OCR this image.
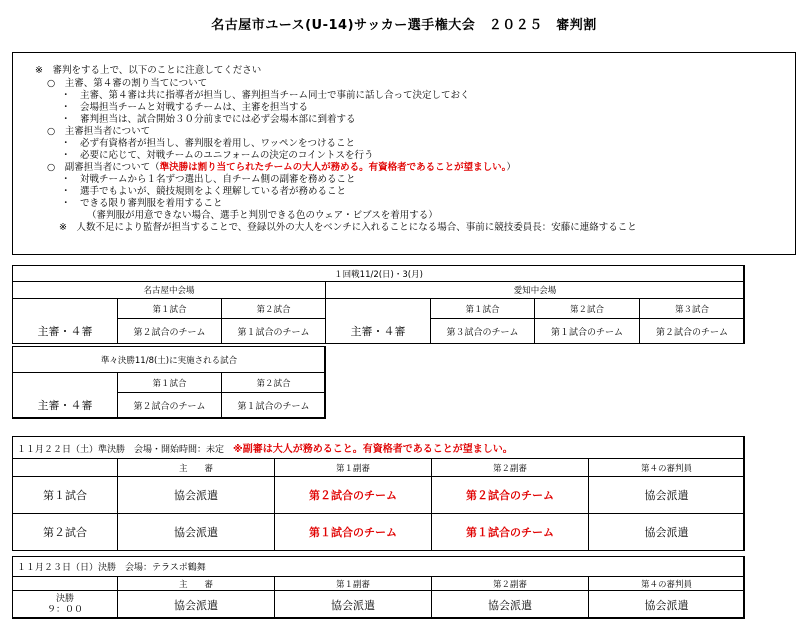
名古屋市ユース(U-14)サッカー選手権大会　２０２５　審判割
※　審判をする上で、以下のことに注意してください
○　主審、第４審の割り当てについて
・　主審、第４審は共に指導者が担当し、審判担当チーム同士で事前に話し合って決定しておく
・　会場担当チームと対戦するチームは、主審を担当する
・　審判担当は、試合開始３０分前までには必ず会場本部に到着する
○　主審担当者について
・　必ず有資格者が担当し、審判服を着用し、ワッペンをつけること
・　必要に応じて、対戦チームのユニフォームの決定のコイントスを行う
○　副審担当者について（準決勝は割り当てられたチームの大人が務める。有資格者であることが望ましい。）
・　対戦チームから１名ずつ選出し、自チーム側の副審を務めること
・　選手でもよいが、競技規則をよく理解している者が務めること
・　できる限り審判服を着用すること
（審判服が用意できない場合、選手と判別できる色のウェア・ビブスを着用する）
※　人数不足により監督が担当することで、登録以外の大人をベンチに入れることになる場合、事前に競技委員長：安藤に連絡すること
１回戦11/2(日)・3(月)						
名古屋中会場			愛知中会場			
	第１試合	第２試合		第１試合	第２試合	第３試合
主審・４審	第２試合のチーム	第１試合のチーム	主審・４審	第３試合のチーム	第１試合のチーム	第２試合のチーム
準々決勝11/8(土)に実施される試合		
	第１試合	第２試合
主審・４審	第２試合のチーム	第１試合のチーム
１１月２２日（土）準決勝　会場・開始時間：未定　 ※副審は大人が務めること。有資格者であることが望ましい。				
	主　　審	第１副審	第２副審	第４の審判員
第１試合	協会派遣	第２試合のチーム	第２試合のチーム	協会派遣
第２試合	協会派遣	第１試合のチーム	第１試合のチーム	協会派遣
１１月２３日（日）決勝　会場：テラスポ鶴舞				
	主　　審	第１副審	第２副審	第４の審判員

決勝
９：００	協会派遣	協会派遣	協会派遣	協会派遣
